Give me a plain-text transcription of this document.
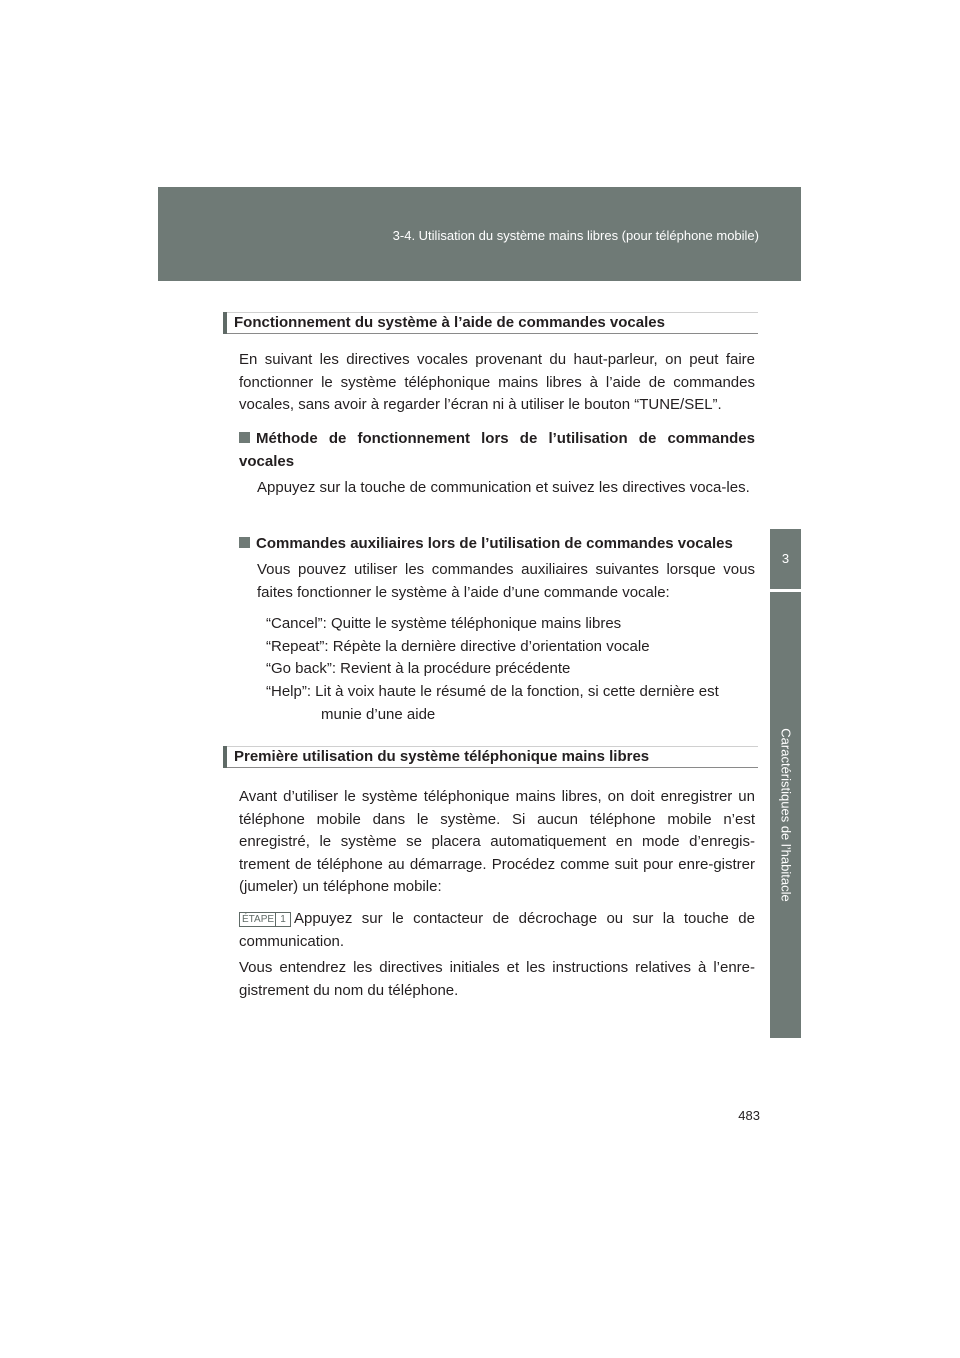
3-4. Utilisation du système mains libres (pour téléphone mobile)
3
Caractéristiques de l’habitacle
Fonctionnement du système à l’aide de commandes vocales
En suivant les directives vocales provenant du haut-parleur, on peut faire fonctionner le système téléphonique mains libres à l’aide de commandes vocales, sans avoir à regarder l’écran ni à utiliser le bouton “TUNE/SEL”.
Méthode de fonctionnement lors de l’utilisation de commandes vocales
Appuyez sur la touche de communication et suivez les directives voca-les.
Commandes auxiliaires lors de l’utilisation de commandes vocales
Vous pouvez utiliser les commandes auxiliaires suivantes lorsque vous faites fonctionner le système à l’aide d’une commande vocale:
“Cancel”: Quitte le système téléphonique mains libres
“Repeat”: Répète la dernière directive d’orientation vocale
“Go back”: Revient à la procédure précédente
“Help”: Lit à voix haute le résumé de la fonction, si cette dernière est
munie d’une aide
Première utilisation du système téléphonique mains libres
Avant d’utiliser le système téléphonique mains libres, on doit enregistrer un téléphone mobile dans le système. Si aucun téléphone mobile n’est enregistré, le système se placera automatiquement en mode d’enregis-trement de téléphone au démarrage. Procédez comme suit pour enre-gistrer (jumeler) un téléphone mobile:
ÉTAPE 1 Appuyez sur le contacteur de décrochage ou sur la touche de communication.
Vous entendrez les directives initiales et les instructions relatives à l’enre-gistrement du nom du téléphone.
483
